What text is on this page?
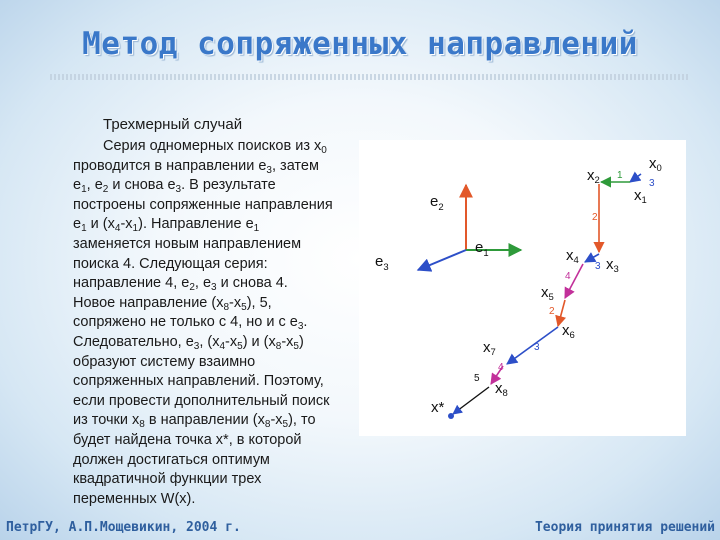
Метод сопряженных направлений
Трехмерный случай

Серия одномерных поисков из $x_0$
проводится в направлении $e_3$, затем
$e_1$, $e_2$ и снова $e_3$. В результате
построены сопряженные направления
$e_1$ и $(x_4-x_1)$. Направление $e_1$
заменяется новым направлением
поиска 4. Следующая серия:
направление 4, $e_2$, $e_3$ и снова 4.
Новое направление $(x_8-x_5)$, 5,
сопряжено не только с 4, но и с $e_3$.
Следовательно, $e_3$, $(x_4-x_5)$ и $(x_8-x_5)$
образуют систему взаимно
сопряженных направлений. Поэтому,
если провести дополнительный поиск
из точки $x_8$ в направлении $(x_8-x_5)$, то
будет найдена точка x*, в которой
должен достигаться оптимум
квадратичной функции трех
переменных W(x).

$e_2$
$e_1$
$e_3$
$x_0$
$x_1$
$x_2$
$x_3$
$x_4$
$x_5$
$x_6$
$x_7$
$x_8$
x*
1
3
2
3
4
2
3
4
5
ПетрГУ, А.П.Мощевикин, 2004 г.	Теория принятия решений
